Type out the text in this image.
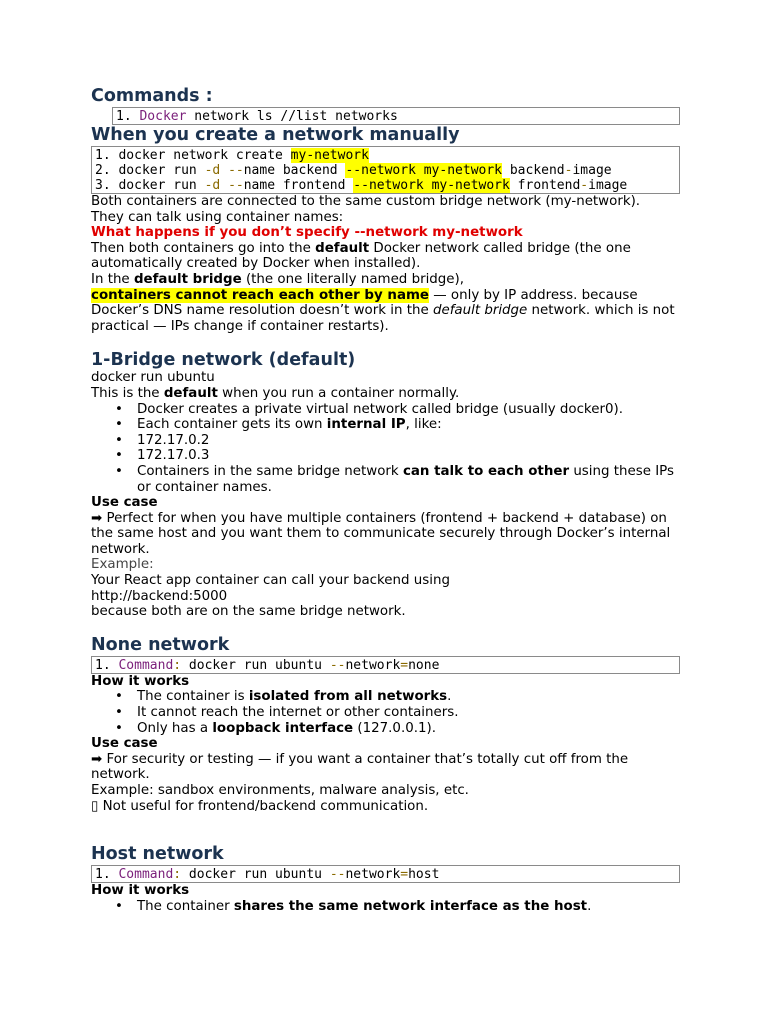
Commands :
1. Docker network ls //list networks
When you create a network manually
1. docker network create my-network
2. docker run -d --name backend --network my-network backend-image
3. docker run -d --name frontend --network my-network frontend-image

Both containers are connected to the same custom bridge network (my-network).

They can talk using container names:

What happens if you don’t specify --network my-network

Then both containers go into the default Docker network called bridge (the one automatically created by Docker when installed).

In the default bridge (the one literally named bridge),

containers cannot reach each other by name — only by IP address. because Docker’s DNS name resolution doesn’t work in the default bridge network. which is not practical — IPs change if container restarts).

1-Bridge network (default)

docker run ubuntu

This is the default when you run a container normally.

• Docker creates a private virtual network called bridge (usually docker0).
• Each container gets its own internal IP, like:
• 172.17.0.2
• 172.17.0.3
• Containers in the same bridge network can talk to each other using these IPs or container names.

Use case

➡ Perfect for when you have multiple containers (frontend + backend + database) on the same host and you want them to communicate securely through Docker’s internal network.

Example:

Your React app container can call your backend using

http://backend:5000

because both are on the same bridge network.

None network
1. Command: docker run ubuntu --network=none

How it works

• The container is isolated from all networks.
• It cannot reach the internet or other containers.
• Only has a loopback interface (127.0.0.1).

Use case

➡ For security or testing — if you want a container that’s totally cut off from the network.

Example: sandbox environments, malware analysis, etc.

▯ Not useful for frontend/backend communication.

Host network
1. Command: docker run ubuntu --network=host

How it works

• The container shares the same network interface as the host.
